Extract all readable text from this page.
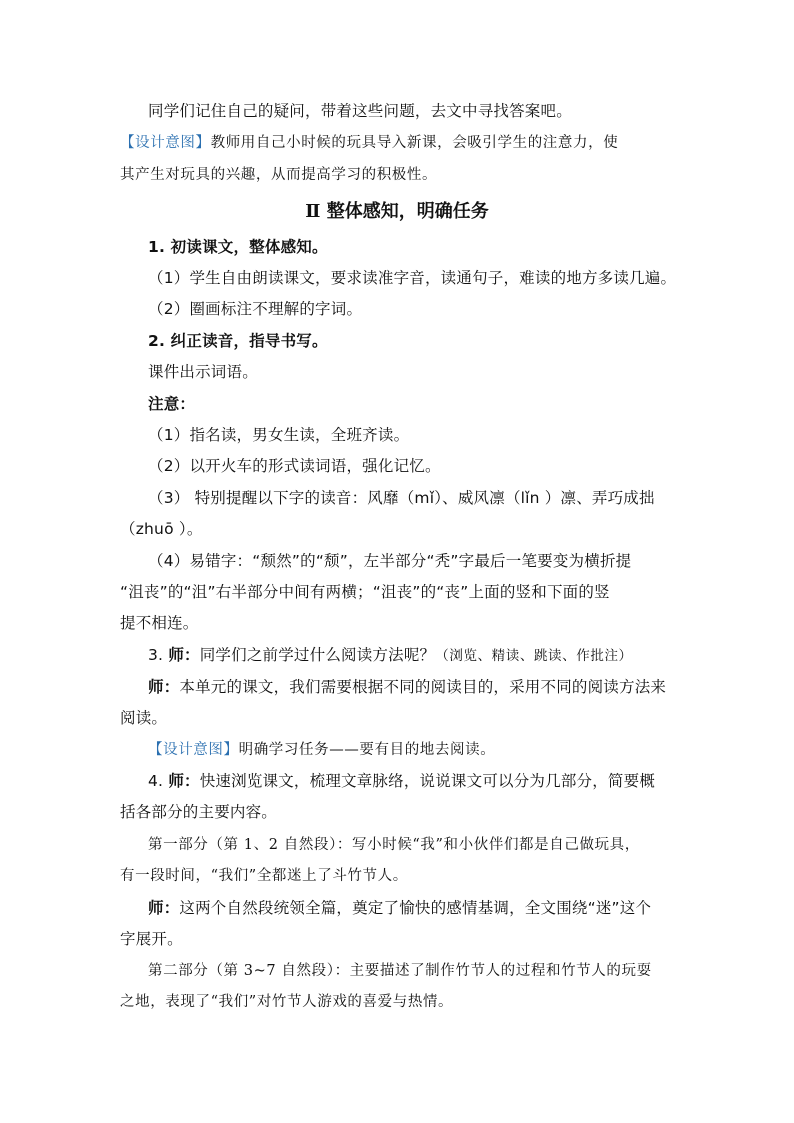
同学们记住自己的疑问，带着这些问题，去文中寻找答案吧。

【设计意图】教师用自己小时候的玩具导入新课，会吸引学生的注意力，使

其产生对玩具的兴趣，从而提高学习的积极性。

Ⅱ 整体感知，明确任务

1. 初读课文，整体感知。

（1）学生自由朗读课文，要求读准字音，读通句子，难读的地方多读几遍。

（2）圈画标注不理解的字词。

2. 纠正读音，指导书写。

课件出示词语。

注意：

（1）指名读，男女生读，全班齐读。

（2）以开火车的形式读词语，强化记忆。

（3） 特别提醒以下字的读音：风靡（mǐ）、威风凛（lǐn ）凛、弄巧成拙

（zhuō ）。

（4）易错字：“颓然”的“颓”，左半部分“秃”字最后一笔要变为横折提

“沮丧”的“沮”右半部分中间有两横；“沮丧”的“丧”上面的竖和下面的竖

提不相连。

3. 师：同学们之前学过什么阅读方法呢？（浏览、精读、跳读、作批注）

师：本单元的课文，我们需要根据不同的阅读目的，采用不同的阅读方法来

阅读。

【设计意图】明确学习任务——要有目的地去阅读。

4. 师：快速浏览课文，梳理文章脉络，说说课文可以分为几部分，简要概

括各部分的主要内容。

第一部分（第 1、2 自然段）：写小时候“我”和小伙伴们都是自己做玩具，

有一段时间，“我们”全都迷上了斗竹节人。

师：这两个自然段统领全篇，奠定了愉快的感情基调，全文围绕“迷”这个

字展开。

第二部分（第 3~7 自然段）：主要描述了制作竹节人的过程和竹节人的玩耍

之地，表现了“我们”对竹节人游戏的喜爱与热情。
